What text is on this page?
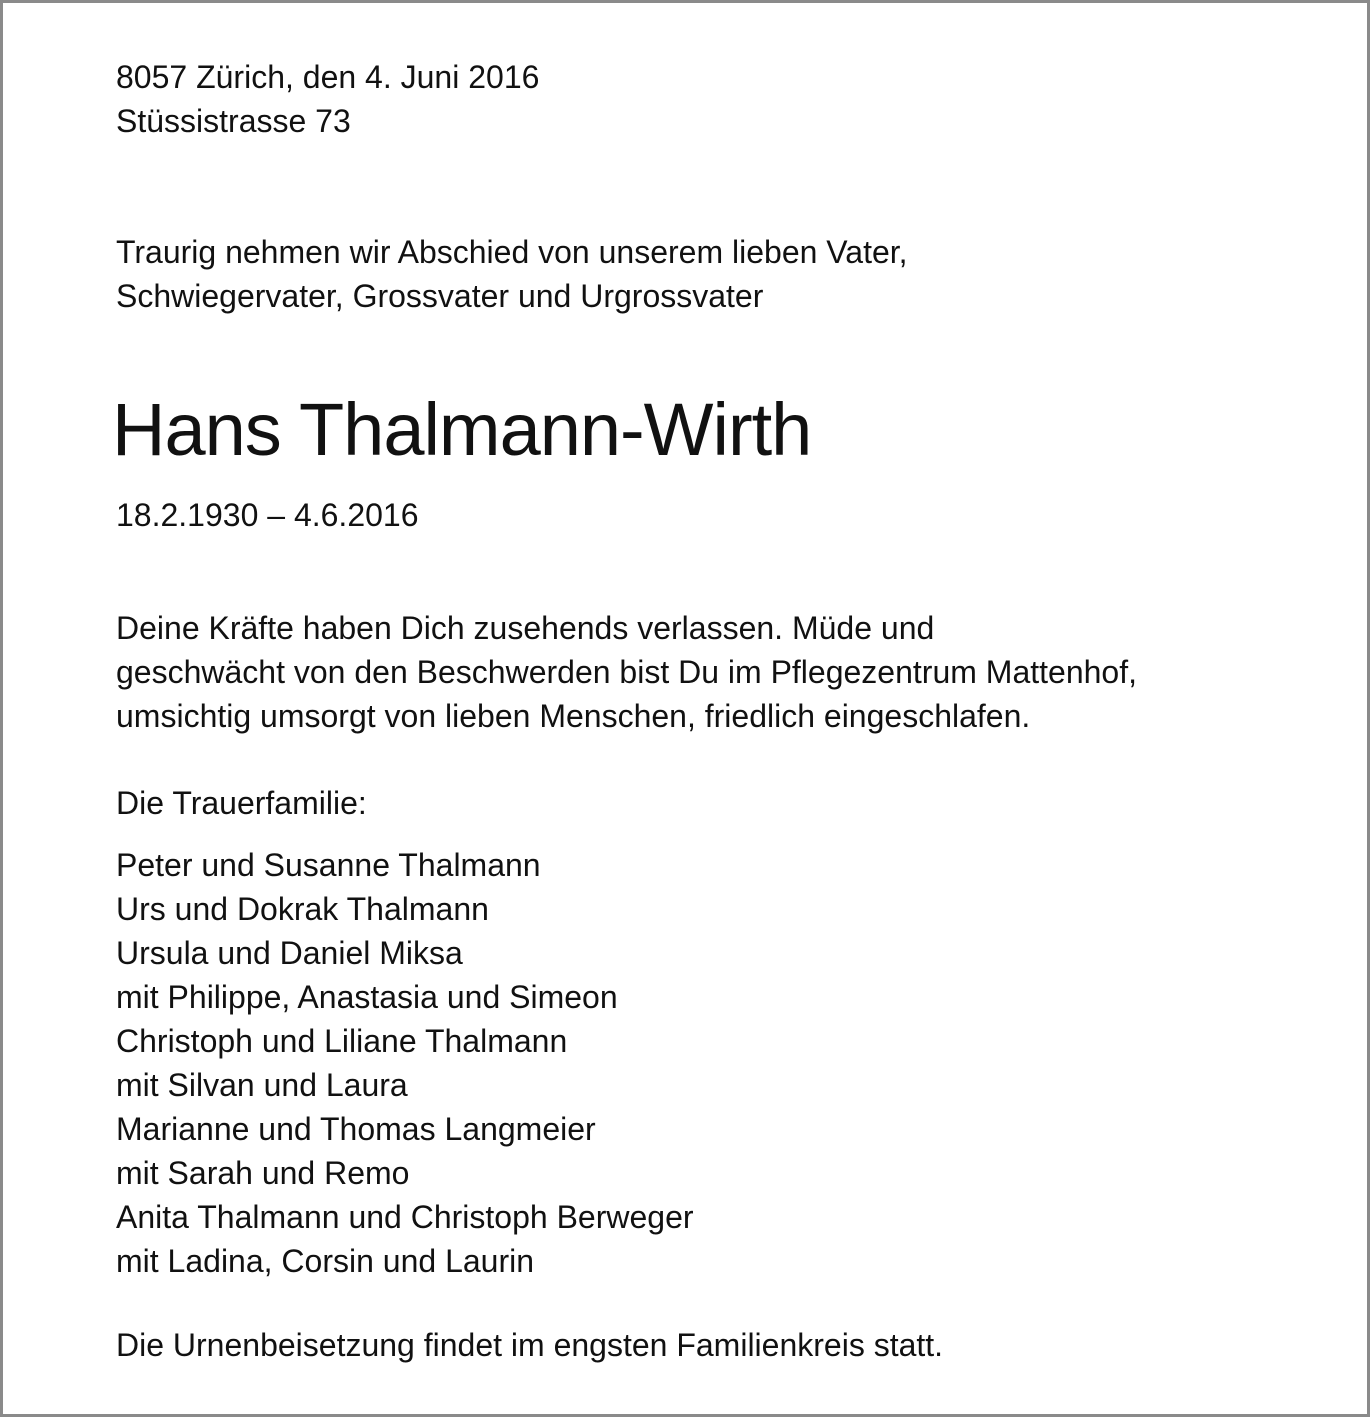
8057 Zürich, den 4. Juni 2016
Stüssistrasse 73
Traurig nehmen wir Abschied von unserem lieben Vater,
Schwiegervater, Grossvater und Urgrossvater
Hans Thalmann-Wirth
18.2.1930 – 4.6.2016
Deine Kräfte haben Dich zusehends verlassen. Müde und
geschwächt von den Beschwerden bist Du im Pflegezentrum Mattenhof,
umsichtig umsorgt von lieben Menschen, friedlich eingeschlafen.
Die Trauerfamilie:
Peter und Susanne Thalmann
Urs und Dokrak Thalmann
Ursula und Daniel Miksa
mit Philippe, Anastasia und Simeon
Christoph und Liliane Thalmann
mit Silvan und Laura
Marianne und Thomas Langmeier
mit Sarah und Remo
Anita Thalmann und Christoph Berweger
mit Ladina, Corsin und Laurin
Die Urnenbeisetzung findet im engsten Familienkreis statt.
